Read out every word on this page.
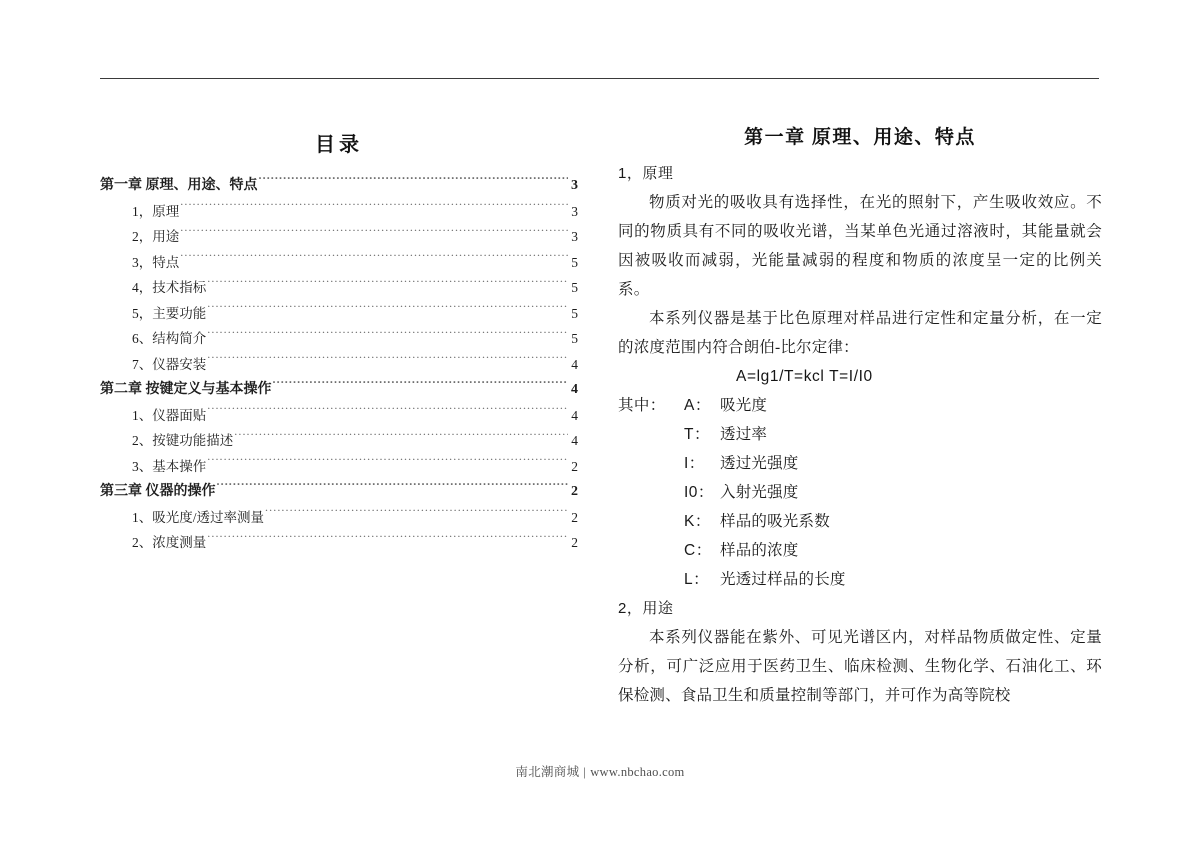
目录
第一章 原理、用途、特点 .....	3
1，原理 .....	3
2，用途 .....	3
3，特点 .....	5
4，技术指标 .....	5
5，主要功能 .....	5
6、结构简介 .....	5
7、仪器安装 .....	4
第二章 按键定义与基本操作 .....	4
1、仪器面贴 .....	4
2、按键功能描述 .....	4
3、基本操作 .....	2
第三章 仪器的操作 .....	2
1、吸光度/透过率测量 .....	2
2、浓度测量 .....	2
第一章 原理、用途、特点
1，原理

物质对光的吸收具有选择性，在光的照射下，产生吸收效应。不同的物质具有不同的吸收光谱，当某单色光通过溶液时，其能量就会因被吸收而减弱，光能量减弱的程度和物质的浓度呈一定的比例关系。

本系列仪器是基于比色原理对样品进行定性和定量分析，在一定的浓度范围内符合朗伯-比尔定律：

A=lg1/T=kcl T=I/I0
其中：	A： 吸光度
T： 透过率
I： 透过光强度
I0： 入射光强度
K： 样品的吸光系数
C： 样品的浓度
L： 光透过样品的长度
2，用途

本系列仪器能在紫外、可见光谱区内，对样品物质做定性、定量分析，可广泛应用于医药卫生、临床检测、生物化学、石油化工、环保检测、食品卫生和质量控制等部门，并可作为高等院校

南北潮商城 | www.nbchao.com
